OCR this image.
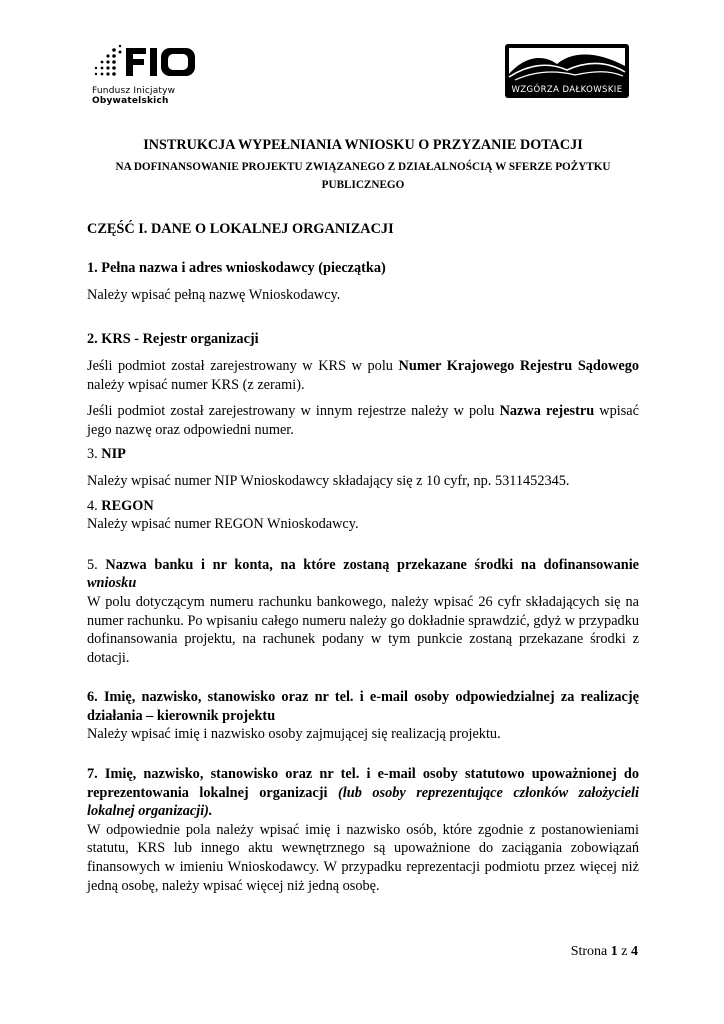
Fundusz Inicjatyw
Obywatelskich
WZGÓRZA DAŁKOWSKIE
INSTRUKCJA WYPEŁNIANIA WNIOSKU O PRZYZANIE DOTACJI
NA DOFINANSOWANIE PROJEKTU ZWIĄZANEGO Z DZIAŁALNOŚCIĄ W SFERZE POŻYTKU PUBLICZNEGO
CZĘŚĆ I. DANE O LOKALNEJ ORGANIZACJI

1. Pełna nazwa i adres wnioskodawcy (pieczątka)

Należy wpisać pełną nazwę Wnioskodawcy.

2. KRS - Rejestr organizacji

Jeśli podmiot został zarejestrowany w KRS w polu Numer Krajowego Rejestru Sądowego należy wpisać numer KRS (z zerami).

Jeśli podmiot został zarejestrowany w innym rejestrze należy w polu Nazwa rejestru wpisać jego nazwę oraz odpowiedni numer.

3. NIP

Należy wpisać numer NIP Wnioskodawcy składający się z 10 cyfr, np. 5311452345.

4. REGON

Należy wpisać numer REGON Wnioskodawcy.

5. Nazwa banku i nr konta, na które zostaną przekazane środki na dofinansowanie wniosku

W polu dotyczącym numeru rachunku bankowego, należy wpisać 26 cyfr składających się na numer rachunku. Po wpisaniu całego numeru należy go dokładnie sprawdzić, gdyż w przypadku dofinansowania projektu, na rachunek podany w tym punkcie zostaną przekazane środki z dotacji.

6. Imię, nazwisko, stanowisko oraz nr tel. i e-mail osoby odpowiedzialnej za realizację działania – kierownik projektu

Należy wpisać imię i nazwisko osoby zajmującej się realizacją projektu.

7. Imię, nazwisko, stanowisko oraz nr tel. i e-mail osoby statutowo upoważnionej do reprezentowania lokalnej organizacji (lub osoby reprezentujące członków założycieli lokalnej organizacji).

W odpowiednie pola należy wpisać imię i nazwisko osób, które zgodnie z postanowieniami statutu, KRS lub innego aktu wewnętrznego są upoważnione do zaciągania zobowiązań finansowych w imieniu Wnioskodawcy. W przypadku reprezentacji podmiotu przez więcej niż jedną osobę, należy wpisać więcej niż jedną osobę.

Strona 1 z 4
